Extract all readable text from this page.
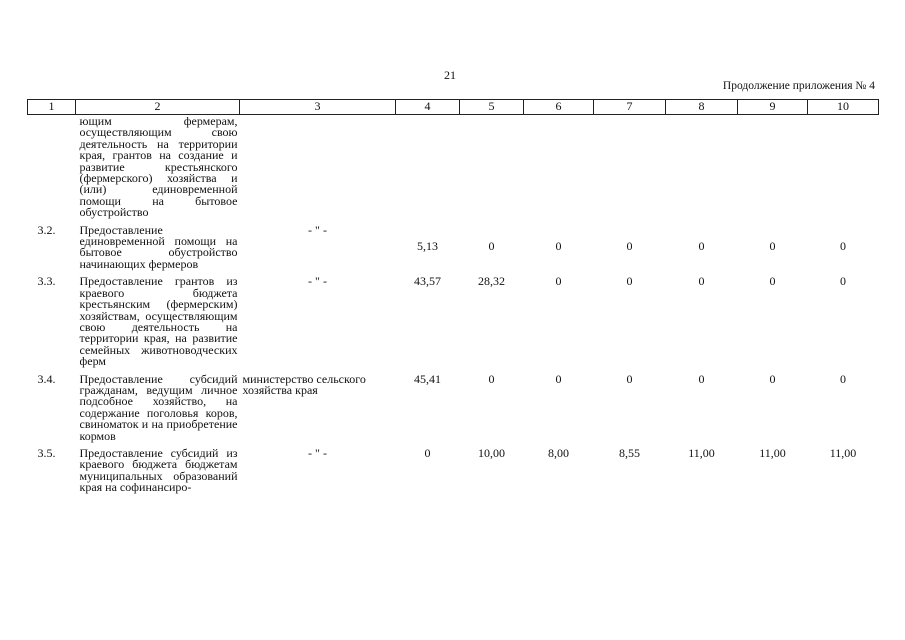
21
Продолжение приложения № 4
1	2	3	4	5	6	7	8	9	10
	ющим фермерам, осуществляющим свою деятельность на территории края, грантов на создание и развитие крестьянского (фермерского) хозяйства и (или) единовременной помощи на бытовое обустройство								
3.2.	Предоставление единовременной помощи на бытовое обустройство начинающих фермеров	- " -	5,13	0	0	0	0	0	0
3.3.	Предоставление грантов из краевого бюджета крестьянским (фермерским) хозяйствам, осуществляющим свою деятельность на территории края, на развитие семейных животноводческих ферм	- " -	43,57	28,32	0	0	0	0	0
3.4.	Предоставление субсидий гражданам, ведущим личное подсобное хозяйство, на содержание поголовья коров, свиноматок и на приобретение кормов	министерство сельского хозяйства края	45,41	0	0	0	0	0	0
3.5.	Предоставление субсидий из краевого бюджета бюджетам муниципальных образований края на софинансиро-	- " -	0	10,00	8,00	8,55	11,00	11,00	11,00
